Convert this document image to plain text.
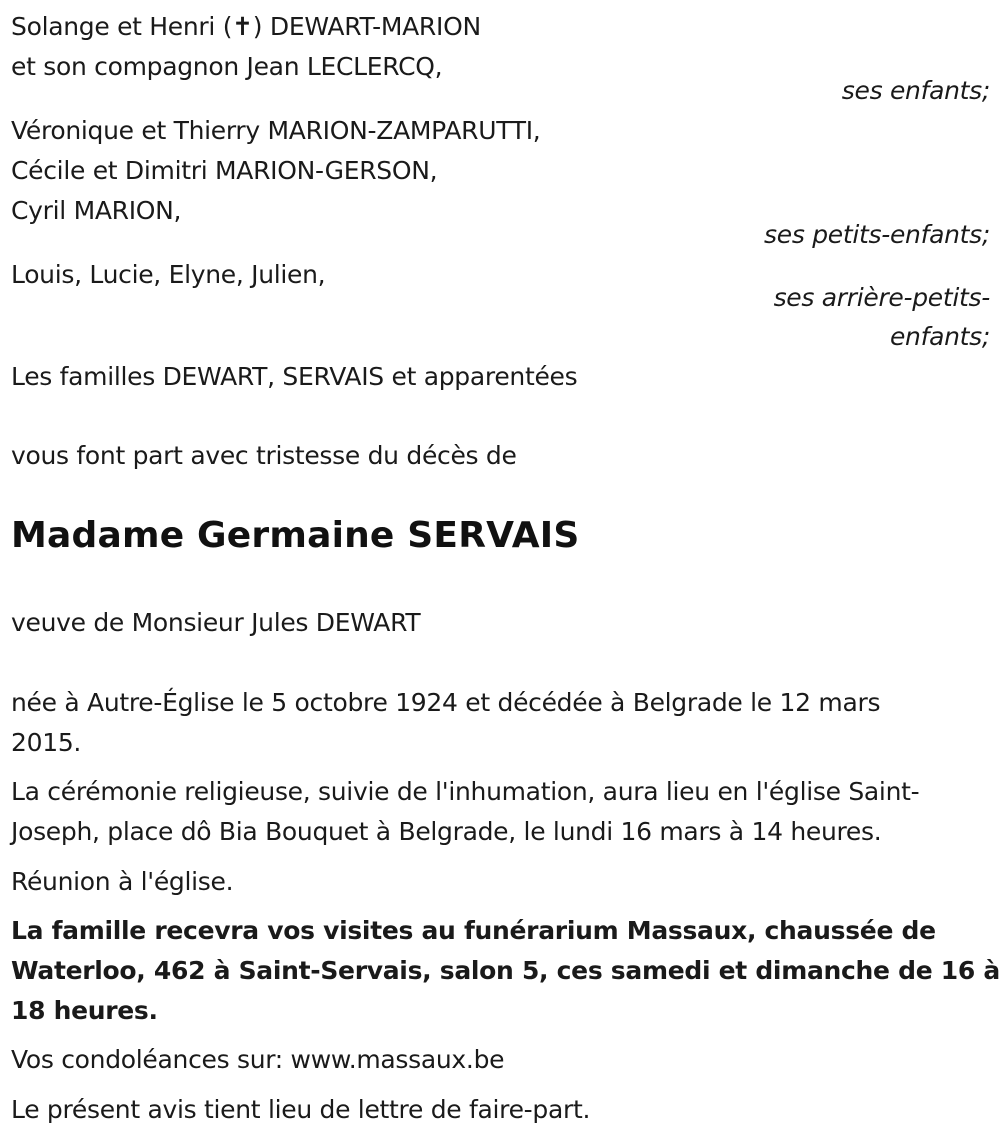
Solange et Henri (✝) DEWART-MARION
et son compagnon Jean LECLERCQ,
ses enfants;
Véronique et Thierry MARION-ZAMPARUTTI,
Cécile et Dimitri MARION-GERSON,
Cyril MARION,
ses petits-enfants;
Louis, Lucie, Elyne, Julien,
ses arrière-petits-
enfants;
Les familles DEWART, SERVAIS et apparentées
vous font part avec tristesse du décès de
Madame Germaine SERVAIS
veuve de Monsieur Jules DEWART
née à Autre-Église le 5 octobre 1924 et décédée à Belgrade le 12 mars
2015.
La cérémonie religieuse, suivie de l'inhumation, aura lieu en l'église Saint-
Joseph, place dô Bia Bouquet à Belgrade, le lundi 16 mars à 14 heures.
Réunion à l'église.
La famille recevra vos visites au funérarium Massaux, chaussée de
Waterloo, 462 à Saint-Servais, salon 5, ces samedi et dimanche de 16 à
18 heures.
Vos condoléances sur: www.massaux.be
Le présent avis tient lieu de lettre de faire-part.
